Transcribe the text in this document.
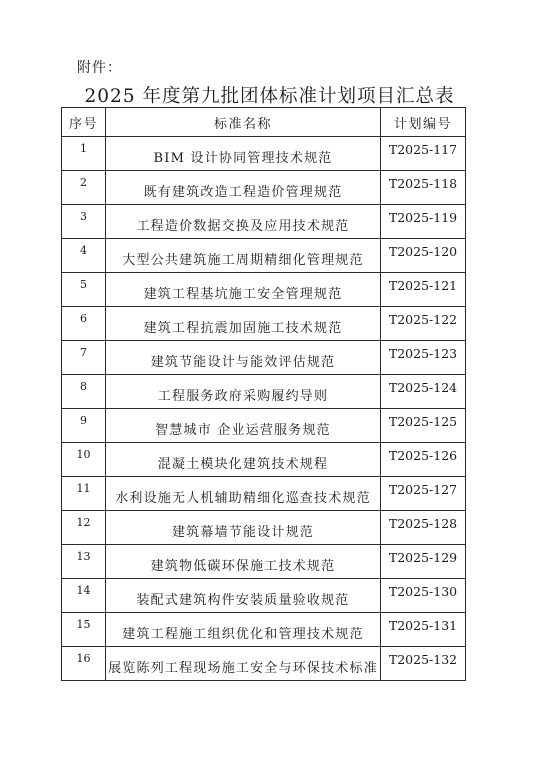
附件：
2025 年度第九批团体标准计划项目汇总表
序号	标准名称	计划编号
1	BIM 设计协同管理技术规范	T2025-117
2	既有建筑改造工程造价管理规范	T2025-118
3	工程造价数据交换及应用技术规范	T2025-119
4	大型公共建筑施工周期精细化管理规范	T2025-120
5	建筑工程基坑施工安全管理规范	T2025-121
6	建筑工程抗震加固施工技术规范	T2025-122
7	建筑节能设计与能效评估规范	T2025-123
8	工程服务政府采购履约导则	T2025-124
9	智慧城市 企业运营服务规范	T2025-125
10	混凝土模块化建筑技术规程	T2025-126
11	水利设施无人机辅助精细化巡查技术规范	T2025-127
12	建筑幕墙节能设计规范	T2025-128
13	建筑物低碳环保施工技术规范	T2025-129
14	装配式建筑构件安装质量验收规范	T2025-130
15	建筑工程施工组织优化和管理技术规范	T2025-131
16	展览陈列工程现场施工安全与环保技术标准	T2025-132
